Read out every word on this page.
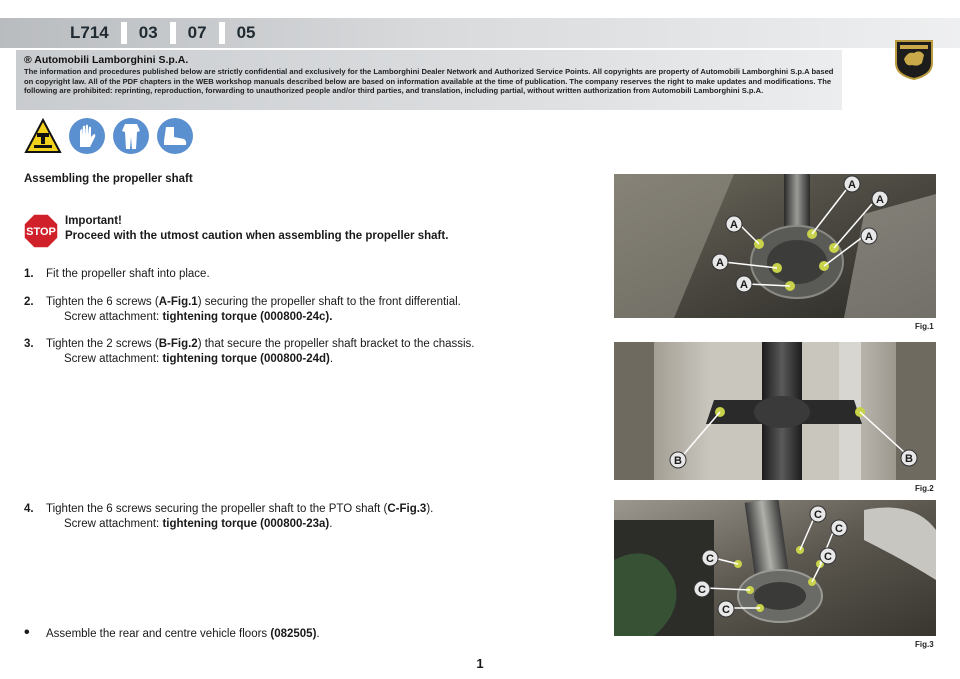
L714	03	07	05
® Automobili Lamborghini S.p.A.
The information and procedures published below are strictly confidential and exclusively for the Lamborghini Dealer Network and Authorized Service Points. All copyrights are property of Automobili Lamborghini S.p.A based on copyright law. All of the PDF chapters in the WEB workshop manuals described below are based on information available at the time of publication. The company reserves the right to make updates and modifications. The following are prohibited: reprinting, reproduction, forwarding to unauthorized people and/or third parties, and translation, including partial, without written authorization from Automobili Lamborghini S.p.A.
Assembling the propeller shaft
STOP
Important!
Proceed with the utmost caution when assembling the propeller shaft.
1. Fit the propeller shaft into place.
2. Tighten the 6 screws (A-Fig.1) securing the propeller shaft to the front differential.
Screw attachment: tightening torque (000800-24c).
3. Tighten the 2 screws (B-Fig.2) that secure the propeller shaft bracket to the chassis.
Screw attachment: tightening torque (000800-24d).
4. Tighten the 6 screws securing the propeller shaft to the PTO shaft (C-Fig.3).
Screw attachment: tightening torque (000800-23a).
• Assemble the rear and centre vehicle floors (082505).
A
A
A
A
A
A
Fig.1
B	B
Fig.2
C
C
C
C
C
C
Fig.3
1
